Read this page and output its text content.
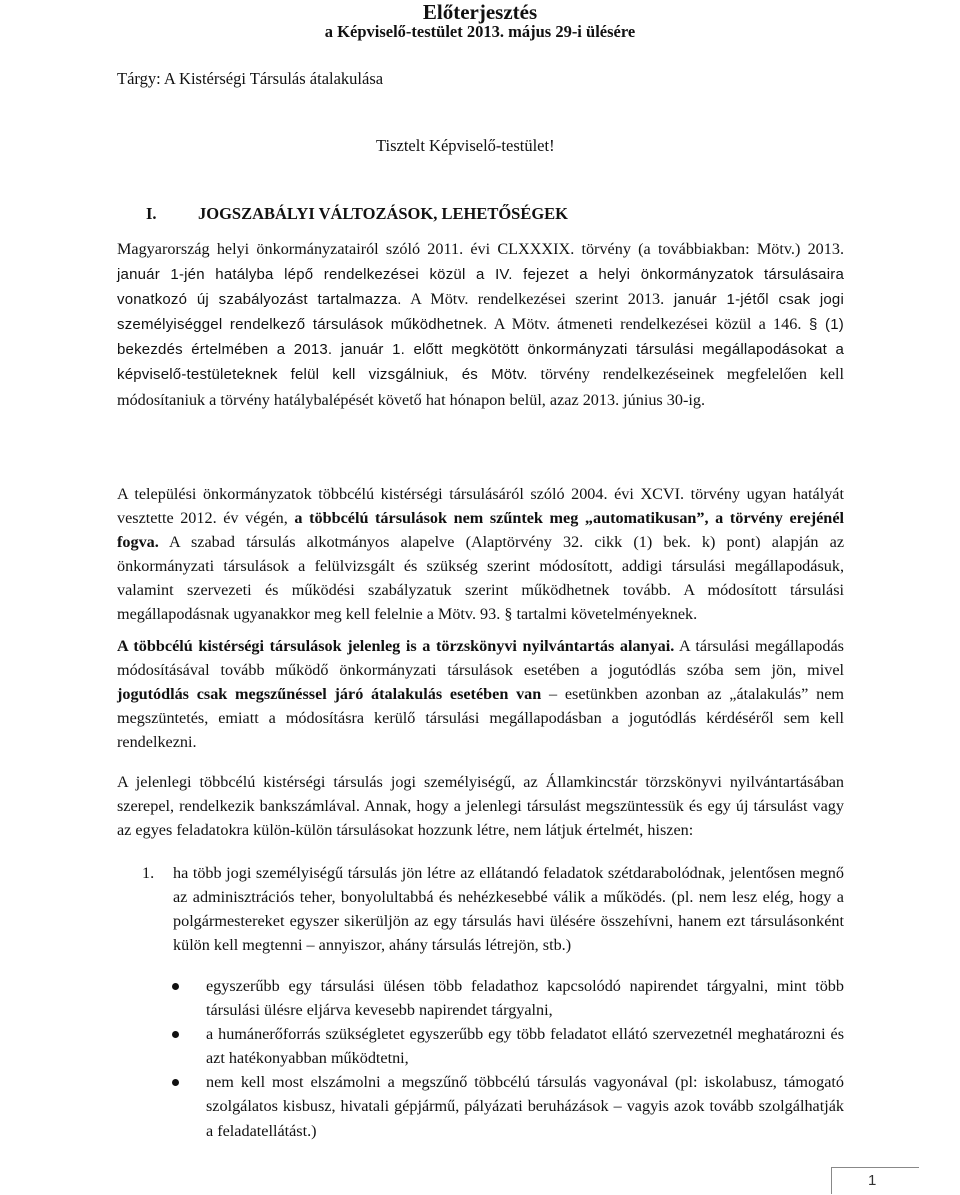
Előterjesztés
a Képviselő-testület 2013. május 29-i ülésére
Tárgy: A Kistérségi Társulás átalakulása
Tisztelt Képviselő-testület!
I.	JOGSZABÁLYI VÁLTOZÁSOK, LEHETŐSÉGEK
Magyarország helyi önkormányzatairól szóló 2011. évi CLXXXIX. törvény (a továbbiakban: Mötv.) 2013. január 1-jén hatályba lépő rendelkezései közül a IV. fejezet a helyi önkormányzatok társulásaira vonatkozó új szabályozást tartalmazza. A Mötv. rendelkezései szerint 2013. január 1-jétől csak jogi személyiséggel rendelkező társulások működhetnek. A Mötv. átmeneti rendelkezései közül a 146. § (1) bekezdés értelmében a 2013. január 1. előtt megkötött önkormányzati társulási megállapodásokat a képviselő-testületeknek felül kell vizsgálniuk, és Mötv. törvény rendelkezéseinek megfelelően kell módosítaniuk a törvény hatálybalépését követő hat hónapon belül, azaz 2013. június 30-ig.
A települési önkormányzatok többcélú kistérségi társulásáról szóló 2004. évi XCVI. törvény ugyan hatályát vesztette 2012. év végén, a többcélú társulások nem szűntek meg „automatikusan”, a törvény erejénél fogva. A szabad társulás alkotmányos alapelve (Alaptörvény 32. cikk (1) bek. k) pont) alapján az önkormányzati társulások a felülvizsgált és szükség szerint módosított, addigi társulási megállapodásuk, valamint szervezeti és működési szabályzatuk szerint működhetnek tovább. A módosított társulási megállapodásnak ugyanakkor meg kell felelnie a Mötv. 93. § tartalmi követelményeknek.
A többcélú kistérségi társulások jelenleg is a törzskönyvi nyilvántartás alanyai. A társulási megállapodás módosításával tovább működő önkormányzati társulások esetében a jogutódlás szóba sem jön, mivel jogutódlás csak megszűnéssel járó átalakulás esetében van – esetünkben azonban az „átalakulás” nem megszüntetés, emiatt a módosításra kerülő társulási megállapodásban a jogutódlás kérdéséről sem kell rendelkezni.
A jelenlegi többcélú kistérségi társulás jogi személyiségű, az Államkincstár törzskönyvi nyilvántartásában szerepel, rendelkezik bankszámlával. Annak, hogy a jelenlegi társulást megszüntessük és egy új társulást vagy az egyes feladatokra külön-külön társulásokat hozzunk létre, nem látjuk értelmét, hiszen:
1. ha több jogi személyiségű társulás jön létre az ellátandó feladatok szétdarabolódnak, jelentősen megnő az adminisztrációs teher, bonyolultabbá és nehézkesebbé válik a működés. (pl. nem lesz elég, hogy a polgármestereket egyszer sikerüljön az egy társulás havi ülésére összehívni, hanem ezt társulásonként külön kell megtenni – annyiszor, ahány társulás létrejön, stb.)
egyszerűbb egy társulási ülésen több feladathoz kapcsolódó napirendet tárgyalni, mint több társulási ülésre eljárva kevesebb napirendet tárgyalni,
a humánerőforrás szükségletet egyszerűbb egy több feladatot ellátó szervezetnél meghatározni és azt hatékonyabban működtetni,
nem kell most elszámolni a megszűnő többcélú társulás vagyonával (pl: iskolabusz, támogató szolgálatos kisbusz, hivatali gépjármű, pályázati beruházások – vagyis azok tovább szolgálhatják a feladatellátást.)
1
